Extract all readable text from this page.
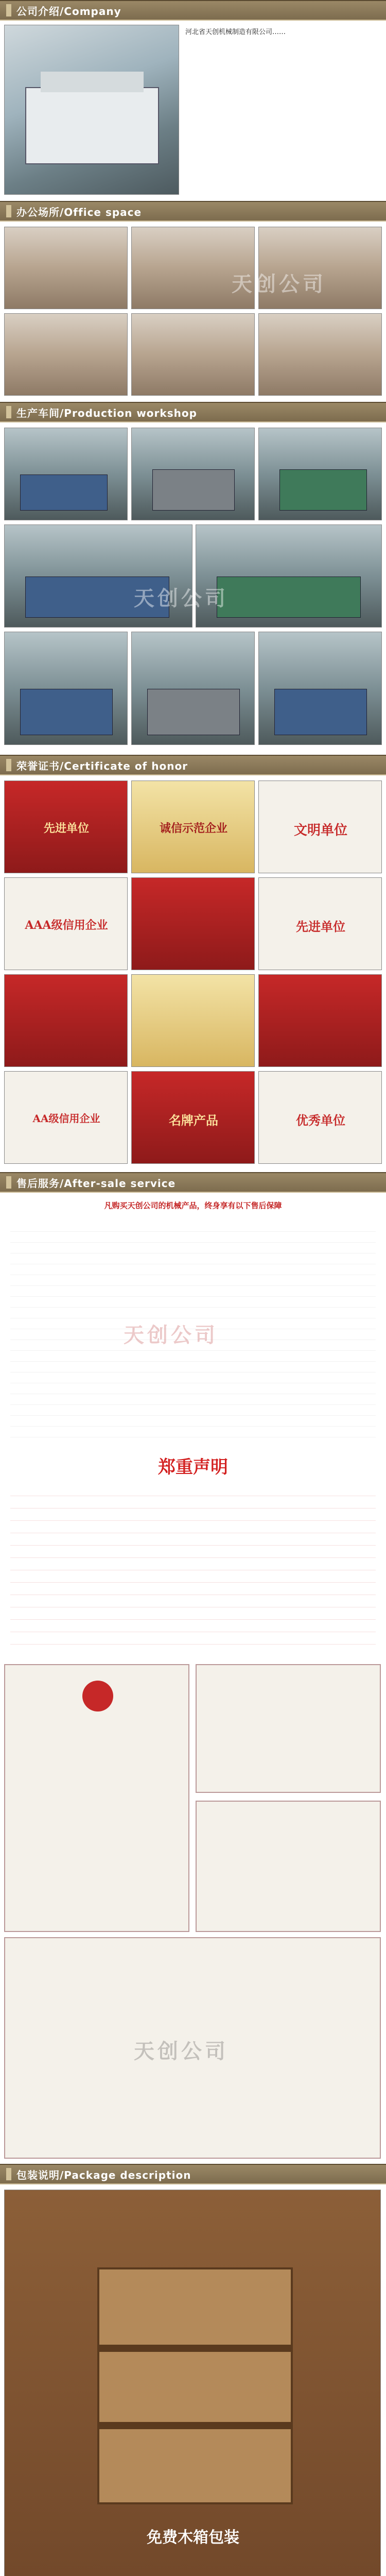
公司介绍/Company
河北省天创机械制造有限公司……
办公场所/Office space
天创公司
生产车间/Production workshop
天创公司
荣誉证书/Certificate of honor
先进单位	诚信示范企业	文明单位
AAA级信用企业	先进单位
AA级信用企业	名牌产品	优秀单位
售后服务/After-sale service
凡购买天创公司的机械产品，终身享有以下售后保障
天创公司
郑重声明
天创公司
包装说明/Package description
免费木箱包装
